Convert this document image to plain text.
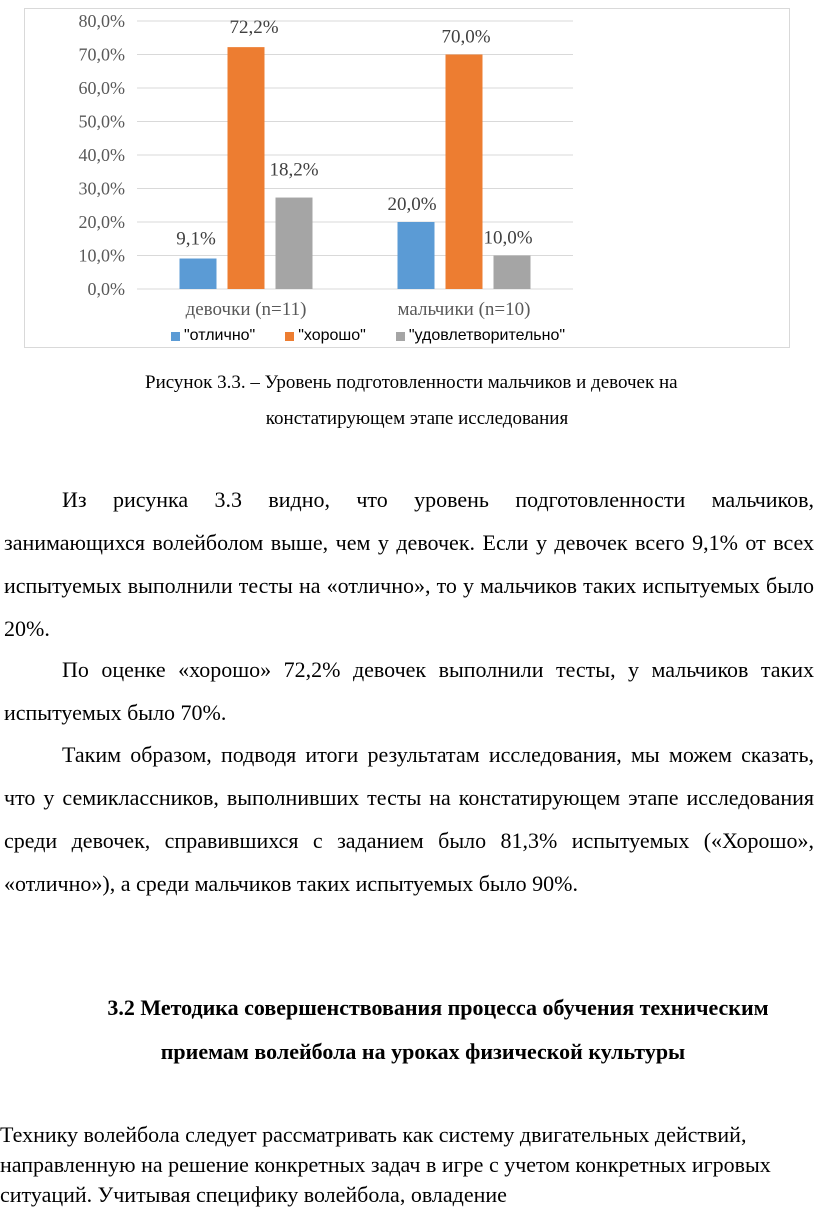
0,0%
10,0%
20,0%
30,0%
40,0%
50,0%
60,0%
70,0%
80,0%
9,1%
72,2%
18,2%
20,0%
70,0%
10,0%
девочки (n=11)	мальчики (n=10)
"отлично"	"хорошо"	"удовлетворительно"
Рисунок 3.3. – Уровень подготовленности мальчиков и девочек на
констатирующем этапе исследования

Из рисунка 3.3 видно, что уровень подготовленности мальчиков, занимающихся волейболом выше, чем у девочек. Если у девочек всего 9,1% от всех испытуемых выполнили тесты на «отлично», то у мальчиков таких испытуемых было 20%.

По оценке «хорошо» 72,2% девочек выполнили тесты, у мальчиков таких испытуемых было 70%.

Таким образом, подводя итоги результатам исследования, мы можем сказать, что у семиклассников, выполнивших тесты на констатирующем этапе исследования среди девочек, справившихся с заданием было 81,3% испытуемых («Хорошо», «отлично»), а среди мальчиков таких испытуемых было 90%.

3.2 Методика совершенствования процесса обучения техническим

приемам волейбола на уроках физической культуры

Технику волейбола следует рассматривать как систему двигательных действий, направленную на решение конкретных задач в игре с учетом конкретных игровых ситуаций. Учитывая специфику волейбола, овладение
